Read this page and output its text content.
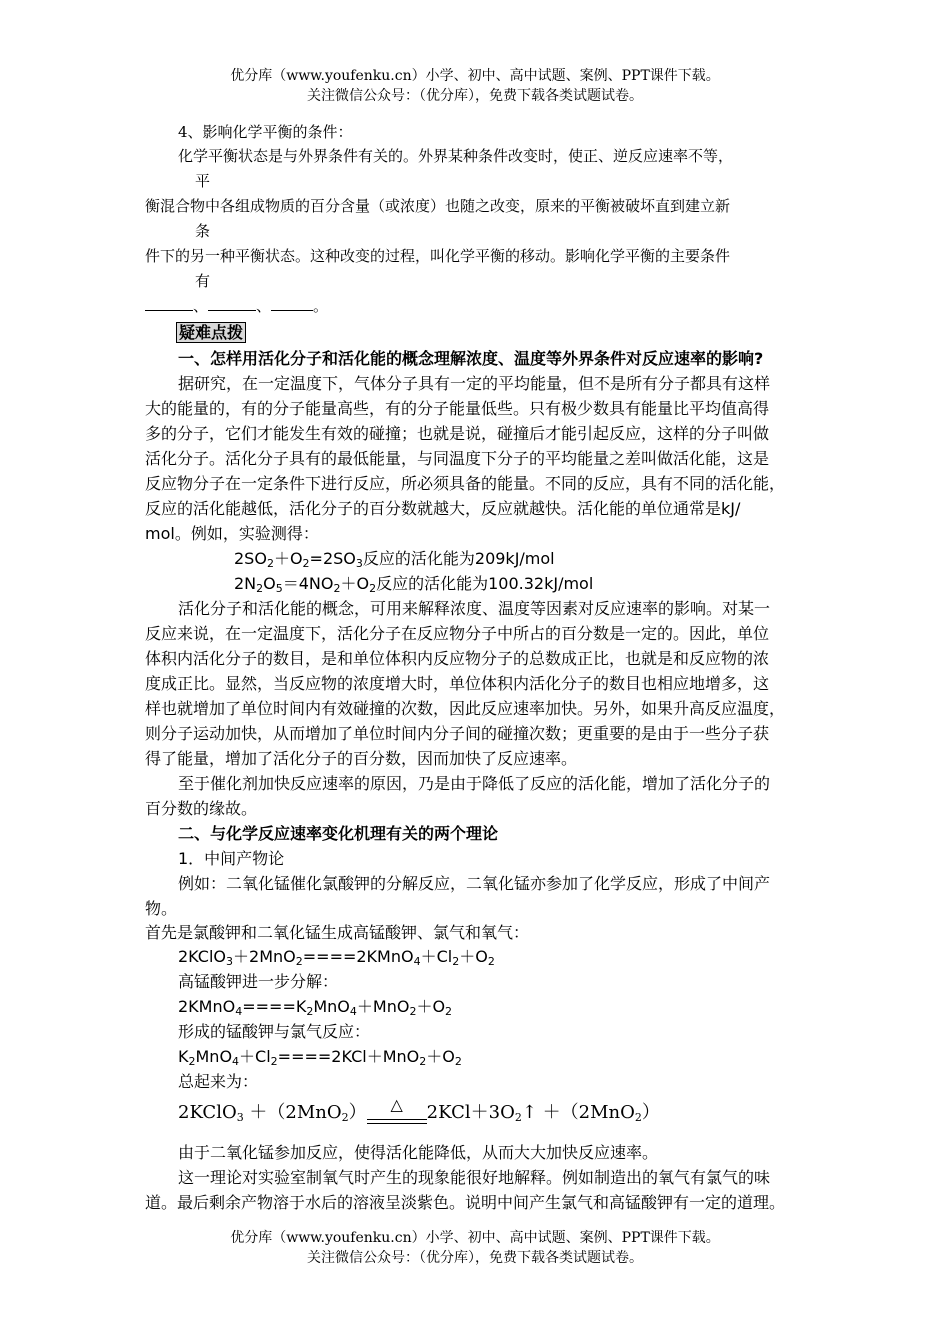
优分库（www.youfenku.cn）小学、初中、高中试题、案例、PPT课件下载。
关注微信公众号：（优分库），免费下载各类试题试卷。
4、影响化学平衡的条件：
化学平衡状态是与外界条件有关的。外界某种条件改变时，使正、逆反应速率不等，
平
衡混合物中各组成物质的百分含量（或浓度）也随之改变，原来的平衡被破坏直到建立新
条
件下的另一种平衡状态。这种改变的过程，叫化学平衡的移动。影响化学平衡的主要条件
有
、	、	。
疑难点拨
一、怎样用活化分子和活化能的概念理解浓度、温度等外界条件对反应速率的影响?
据研究，在一定温度下，气体分子具有一定的平均能量，但不是所有分子都具有这样
大的能量的，有的分子能量高些，有的分子能量低些。只有极少数具有能量比平均值高得
多的分子，它们才能发生有效的碰撞；也就是说，碰撞后才能引起反应，这样的分子叫做
活化分子。活化分子具有的最低能量，与同温度下分子的平均能量之差叫做活化能，这是
反应物分子在一定条件下进行反应，所必须具备的能量。不同的反应，具有不同的活化能，
反应的活化能越低，活化分子的百分数就越大，反应就越快。活化能的单位通常是kJ/
mol。例如，实验测得：
$2SO_2+O_2=2SO_3$反应的活化能为209kJ/mol
$2N_2O_5=4NO_2+O_2$反应的活化能为100.32kJ/mol
活化分子和活化能的概念，可用来解释浓度、温度等因素对反应速率的影响。对某一
反应来说，在一定温度下，活化分子在反应物分子中所占的百分数是一定的。因此，单位
体积内活化分子的数目，是和单位体积内反应物分子的总数成正比，也就是和反应物的浓
度成正比。显然，当反应物的浓度增大时，单位体积内活化分子的数目也相应地增多，这
样也就增加了单位时间内有效碰撞的次数，因此反应速率加快。另外，如果升高反应温度，
则分子运动加快，从而增加了单位时间内分子间的碰撞次数；更重要的是由于一些分子获
得了能量，增加了活化分子的百分数，因而加快了反应速率。
至于催化剂加快反应速率的原因，乃是由于降低了反应的活化能，增加了活化分子的
百分数的缘故。
二、与化学反应速率变化机理有关的两个理论
1．中间产物论
例如：二氧化锰催化氯酸钾的分解反应，二氧化锰亦参加了化学反应，形成了中间产
物。
首先是氯酸钾和二氧化锰生成高锰酸钾、氯气和氧气：
$2KClO_3+2MnO_2====2KMnO_4+Cl_2+O_2$
高锰酸钾进一步分解：
$2KMnO_4====K_2MnO_4+MnO_2+O_2$
形成的锰酸钾与氯气反应：
$K_2MnO_4+Cl_2====2KCl+MnO_2+O_2$
总起来为：
2KClO$_3$ ＋（2MnO$_2$）	△	$2KCl+3O_2↑ +(2MnO_2)$
由于二氧化锰参加反应，使得活化能降低，从而大大加快反应速率。
这一理论对实验室制氧气时产生的现象能很好地解释。例如制造出的氧气有氯气的味
道。最后剩余产物溶于水后的溶液呈淡紫色。说明中间产生氯气和高锰酸钾有一定的道理。
优分库（www.youfenku.cn）小学、初中、高中试题、案例、PPT课件下载。
关注微信公众号：（优分库），免费下载各类试题试卷。
